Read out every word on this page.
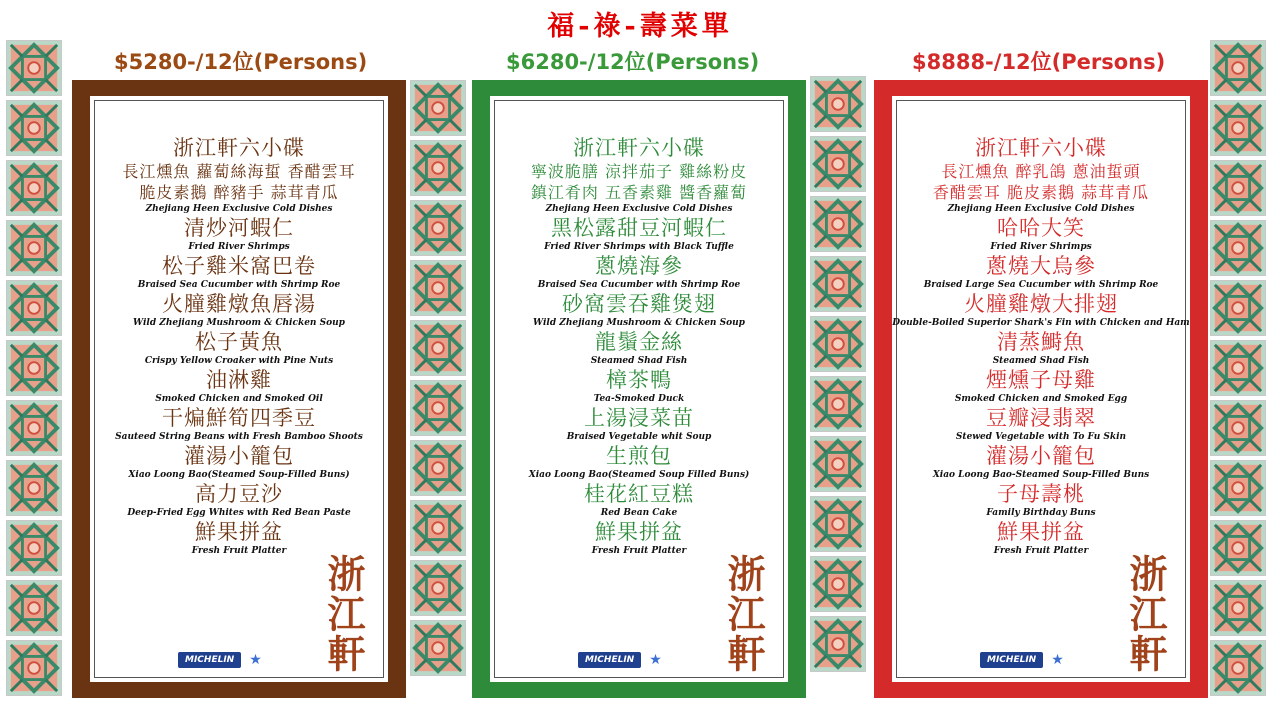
福-祿-壽菜單
$5280-/12位(Persons)	$6280-/12位(Persons)	$8888-/12位(Persons)
浙江軒六小碟
長江燻魚 蘿蔔絲海蜇 香醋雲耳
脆皮素鵝 醉豬手 蒜茸青瓜
Zhejiang Heen Exclusive Cold Dishes
清炒河蝦仁
Fried River Shrimps
松子雞米窩巴卷
Braised Sea Cucumber with Shrimp Roe
火膧雞燉魚唇湯
Wild Zhejiang Mushroom & Chicken Soup
松子黃魚
Crispy Yellow Croaker with Pine Nuts
油淋雞
Smoked Chicken and Smoked Oil
干煸鮮筍四季豆
Sauteed String Beans with Fresh Bamboo Shoots
灌湯小籠包
Xiao Loong Bao(Steamed Soup-Filled Buns)
高力豆沙
Deep-Fried Egg Whites with Red Bean Paste
鮮果拼盆
Fresh Fruit Platter
MICHELIN	★ 浙江軒
浙江軒六小碟
寧波脆膳 涼拌茄子 雞絲粉皮
鎮江肴肉 五香素雞 醬香蘿蔔
Zhejiang Heen Exclusive Cold Dishes
黑松露甜豆河蝦仁
Fried River Shrimps with Black Tuffle
蔥燒海參
Braised Sea Cucumber with Shrimp Roe
砂窩雲吞雞煲翅
Wild Zhejiang Mushroom & Chicken Soup
龍鬚金絲
Steamed Shad Fish
樟茶鴨
Tea-Smoked Duck
上湯浸菜苗
Braised Vegetable whit Soup
生煎包
Xiao Loong Bao(Steamed Soup Filled Buns)
桂花紅豆糕
Red Bean Cake
鮮果拼盆
Fresh Fruit Platter
MICHELIN	★ 浙江軒
浙江軒六小碟
長江燻魚 醉乳鴿 蔥油蜇頭
香醋雲耳 脆皮素鵝 蒜茸青瓜
Zhejiang Heen Exclusive Cold Dishes
哈哈大笑
Fried River Shrimps
蔥燒大烏參
Braised Large Sea Cucumber with Shrimp Roe
火膧雞燉大排翅
Double-Boiled Superior Shark's Fin with Chicken and Ham
清蒸鰣魚
Steamed Shad Fish
煙燻子母雞
Smoked Chicken and Smoked Egg
豆瓣浸翡翠
Stewed Vegetable with To Fu Skin
灌湯小籠包
Xiao Loong Bao-Steamed Soup-Filled Buns
子母壽桃
Family Birthday Buns
鮮果拼盆
Fresh Fruit Platter
MICHELIN	★ 浙江軒
